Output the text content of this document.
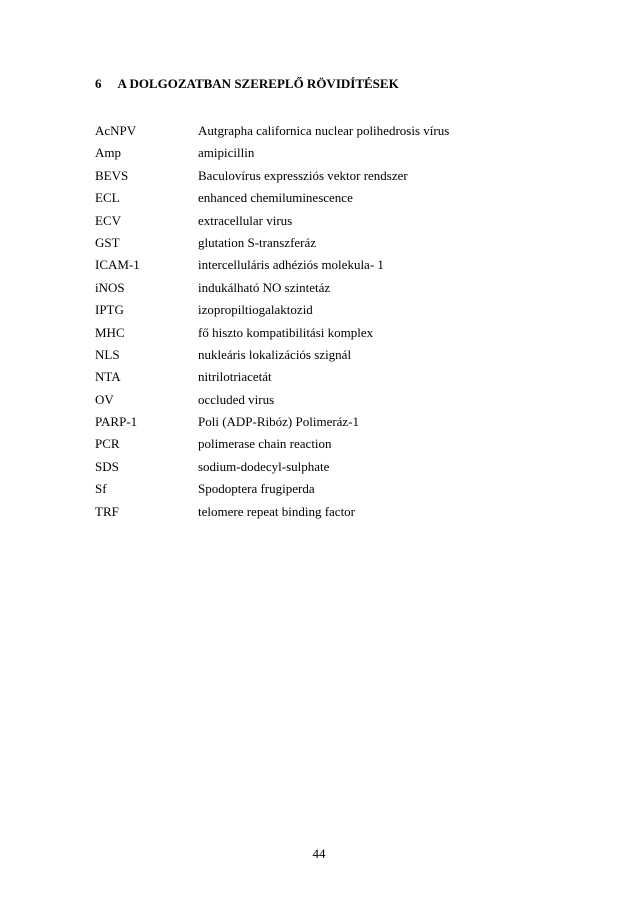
6 A DOLGOZATBAN SZEREPLŐ RÖVIDÍTÉSEK
AcNPV	Autgrapha californica nuclear polihedrosis vírus
Amp	amipicillin
BEVS	Baculovírus expressziós vektor rendszer
ECL	enhanced chemiluminescence
ECV	extracellular virus
GST	glutation S-transzferáz
ICAM-1	intercelluláris adhéziós molekula- 1
iNOS	indukálható NO szintetáz
IPTG	izopropiltiogalaktozid
MHC	fő hiszto kompatibilitási komplex
NLS	nukleáris lokalizációs szignál
NTA	nitrilotriacetát
OV	occluded virus
PARP-1	Poli (ADP-Ribóz) Polimeráz-1
PCR	polimerase chain reaction
SDS	sodium-dodecyl-sulphate
Sf	Spodoptera frugiperda
TRF	telomere repeat binding factor
44
